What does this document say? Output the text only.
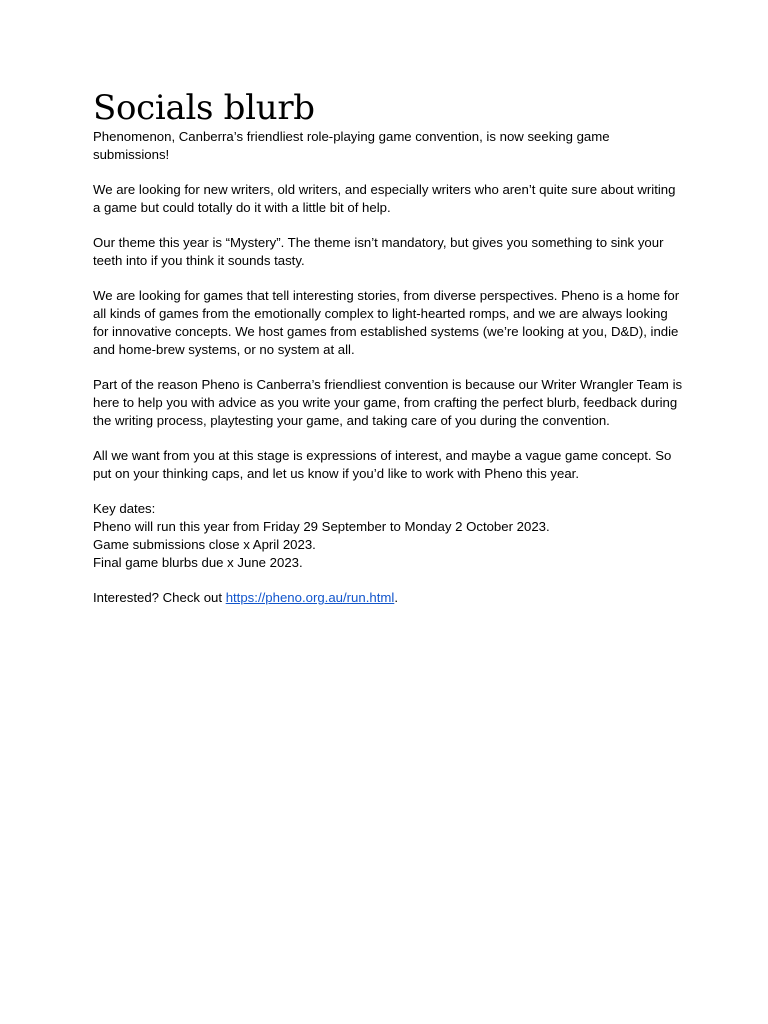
Socials blurb

Phenomenon, Canberra’s friendliest role-playing game convention, is now seeking game submissions!

We are looking for new writers, old writers, and especially writers who aren’t quite sure about writing a game but could totally do it with a little bit of help.

Our theme this year is “Mystery”. The theme isn’t mandatory, but gives you something to sink your teeth into if you think it sounds tasty.

We are looking for games that tell interesting stories, from diverse perspectives. Pheno is a home for all kinds of games from the emotionally complex to light-hearted romps, and we are always looking for innovative concepts. We host games from established systems (we’re looking at you, D&D), indie and home-brew systems, or no system at all.

Part of the reason Pheno is Canberra’s friendliest convention is because our Writer Wrangler Team is here to help you with advice as you write your game, from crafting the perfect blurb, feedback during the writing process, playtesting your game, and taking care of you during the convention.

All we want from you at this stage is expressions of interest, and maybe a vague game concept. So put on your thinking caps, and let us know if you’d like to work with Pheno this year.

Key dates:
Pheno will run this year from Friday 29 September to Monday 2 October 2023.
Game submissions close x April 2023.
Final game blurbs due x June 2023.

Interested? Check out https://pheno.org.au/run.html.
